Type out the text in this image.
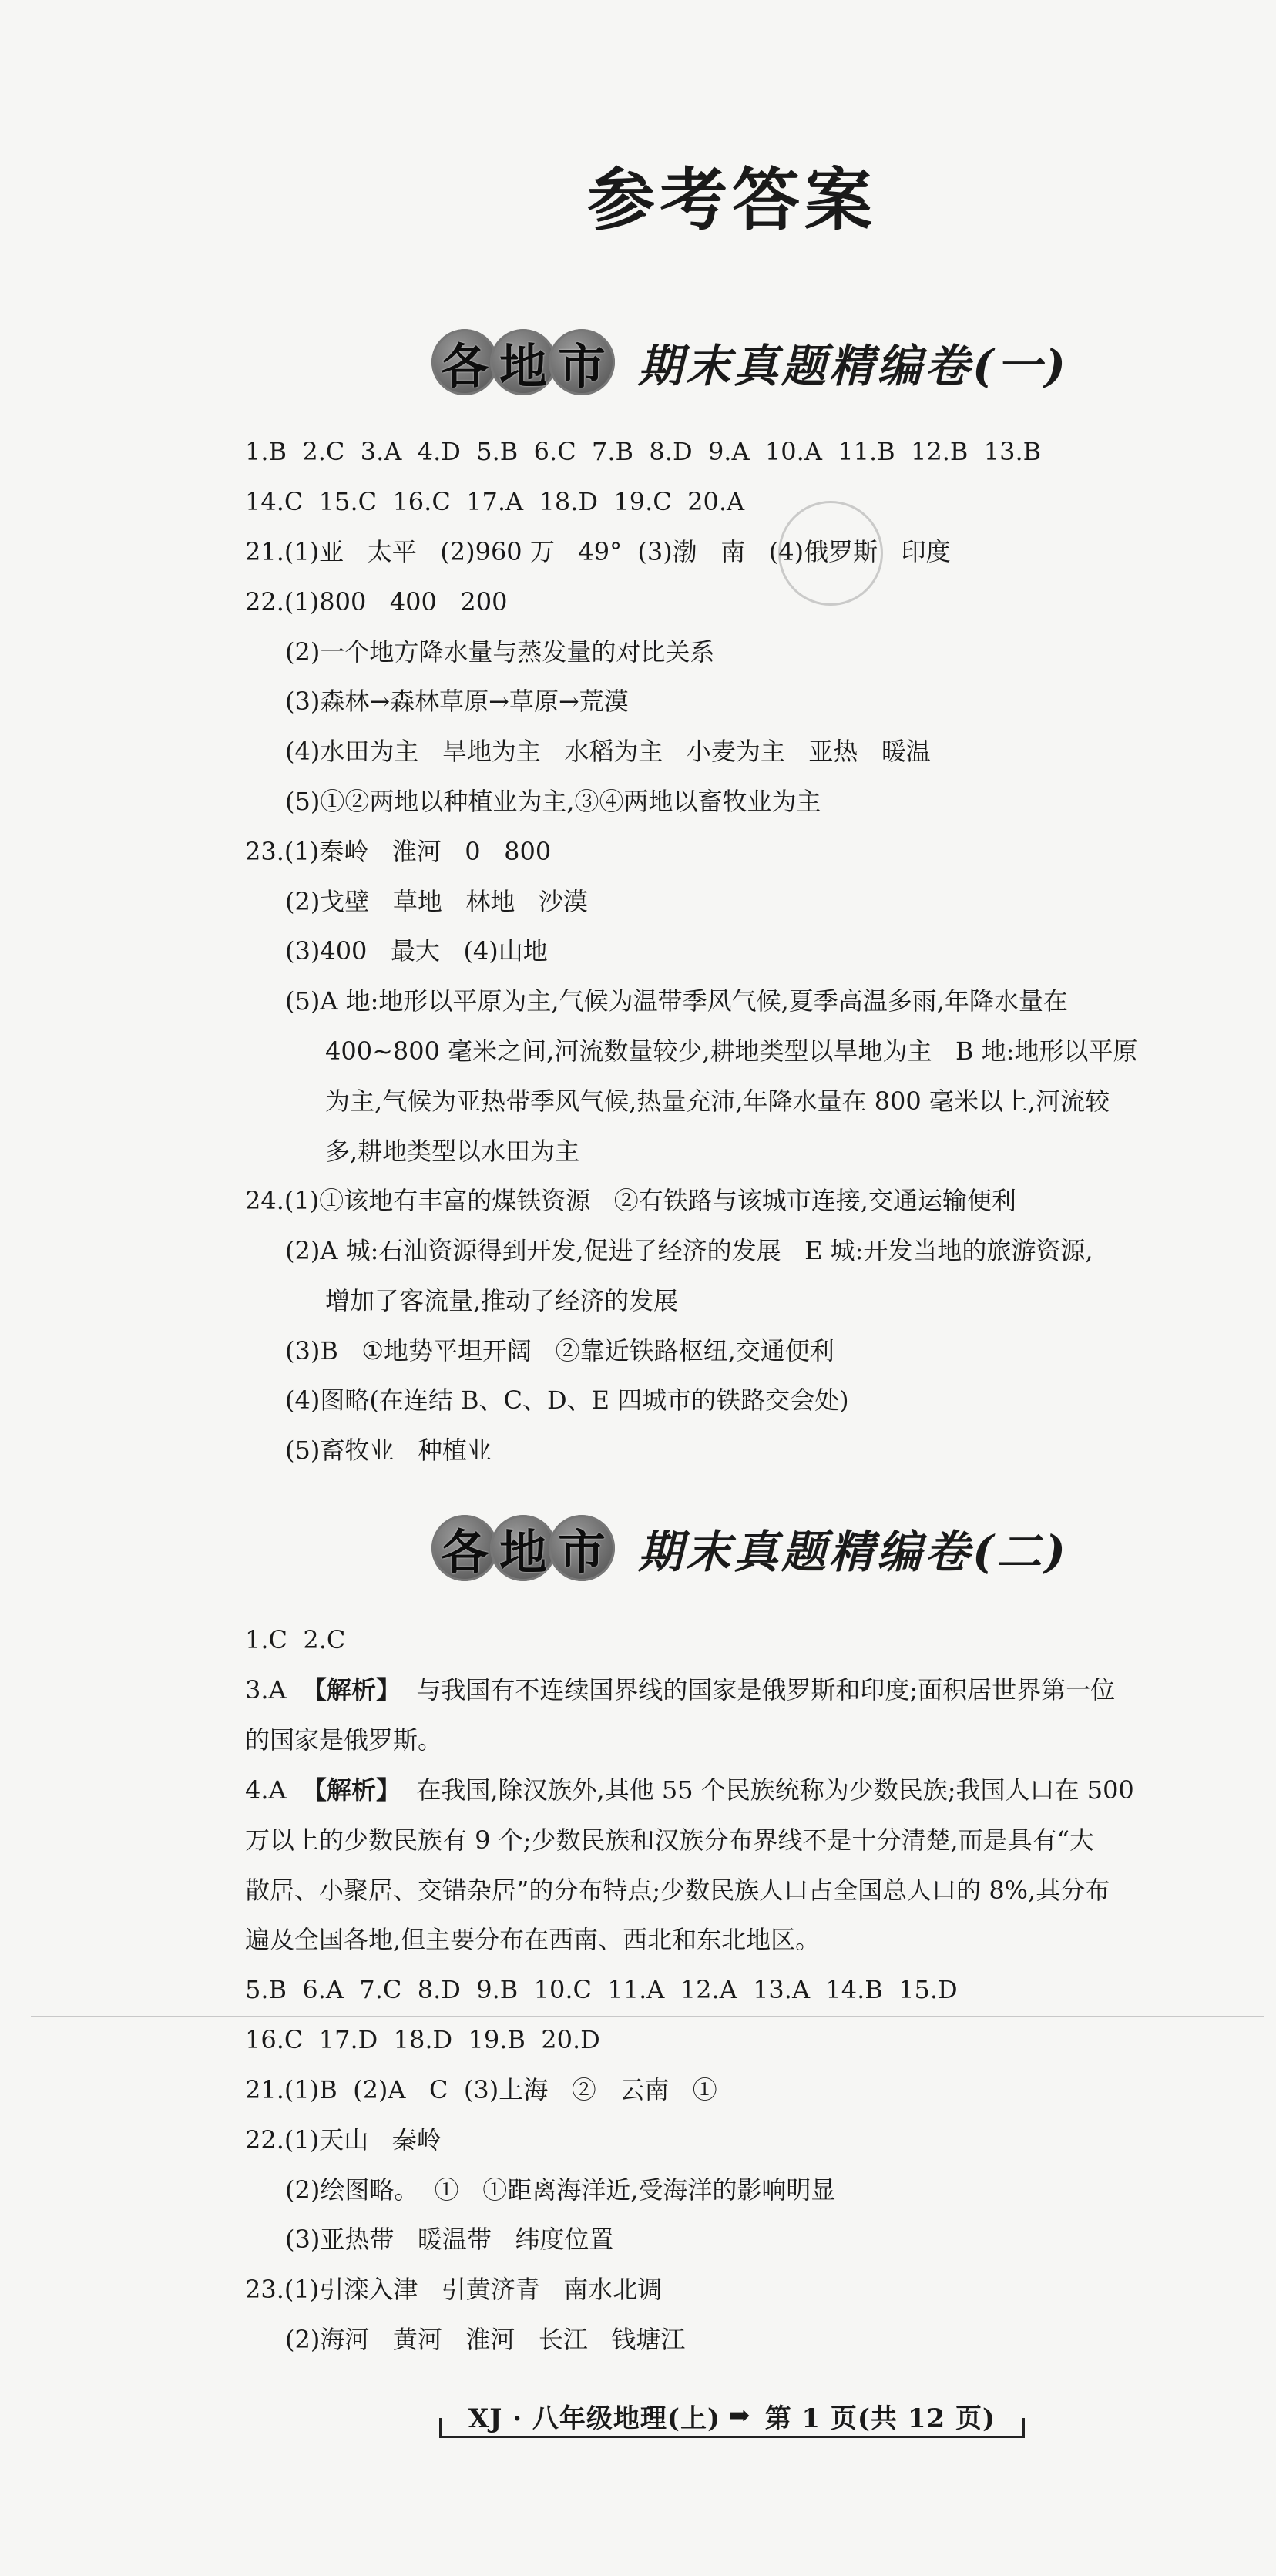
参考答案
各 地 市 期末真题精编卷(一)
1.B  2.C  3.A  4.D  5.B  6.C  7.B  8.D  9.A  10.A  11.B  12.B  13.B
14.C  15.C  16.C  17.A  18.D  19.C  20.A
21.(1)亚   太平   (2)960 万   49°  (3)渤   南   (4)俄罗斯   印度
22.(1)800   400   200
(2)一个地方降水量与蒸发量的对比关系
(3)森林→森林草原→草原→荒漠
(4)水田为主   旱地为主   水稻为主   小麦为主   亚热   暖温
(5)①②两地以种植业为主,③④两地以畜牧业为主
23.(1)秦岭   淮河   0   800
(2)戈壁   草地   林地   沙漠
(3)400   最大   (4)山地
(5)A 地:地形以平原为主,气候为温带季风气候,夏季高温多雨,年降水量在
400~800 毫米之间,河流数量较少,耕地类型以旱地为主   B 地:地形以平原
为主,气候为亚热带季风气候,热量充沛,年降水量在 800 毫米以上,河流较
多,耕地类型以水田为主
24.(1)①该地有丰富的煤铁资源   ②有铁路与该城市连接,交通运输便利
(2)A 城:石油资源得到开发,促进了经济的发展   E 城:开发当地的旅游资源,
增加了客流量,推动了经济的发展
(3)B   ①地势平坦开阔   ②靠近铁路枢纽,交通便利
(4)图略(在连结 B、C、D、E 四城市的铁路交会处)
(5)畜牧业   种植业
各 地 市 期末真题精编卷(二)
1.C  2.C
3.A  【解析】  与我国有不连续国界线的国家是俄罗斯和印度;面积居世界第一位
的国家是俄罗斯。
4.A  【解析】  在我国,除汉族外,其他 55 个民族统称为少数民族;我国人口在 500
万以上的少数民族有 9 个;少数民族和汉族分布界线不是十分清楚,而是具有“大
散居、小聚居、交错杂居”的分布特点;少数民族人口占全国总人口的 8%,其分布
遍及全国各地,但主要分布在西南、西北和东北地区。
5.B  6.A  7.C  8.D  9.B  10.C  11.A  12.A  13.A  14.B  15.D
16.C  17.D  18.D  19.B  20.D
21.(1)B  (2)A   C  (3)上海   ②   云南   ①
22.(1)天山   秦岭
(2)绘图略。  ①   ①距离海洋近,受海洋的影响明显
(3)亚热带   暖温带   纬度位置
23.(1)引滦入津   引黄济青   南水北调
(2)海河   黄河   淮河   长江   钱塘江
XJ · 八年级地理(上) ➡ 第 1 页(共 12 页)
